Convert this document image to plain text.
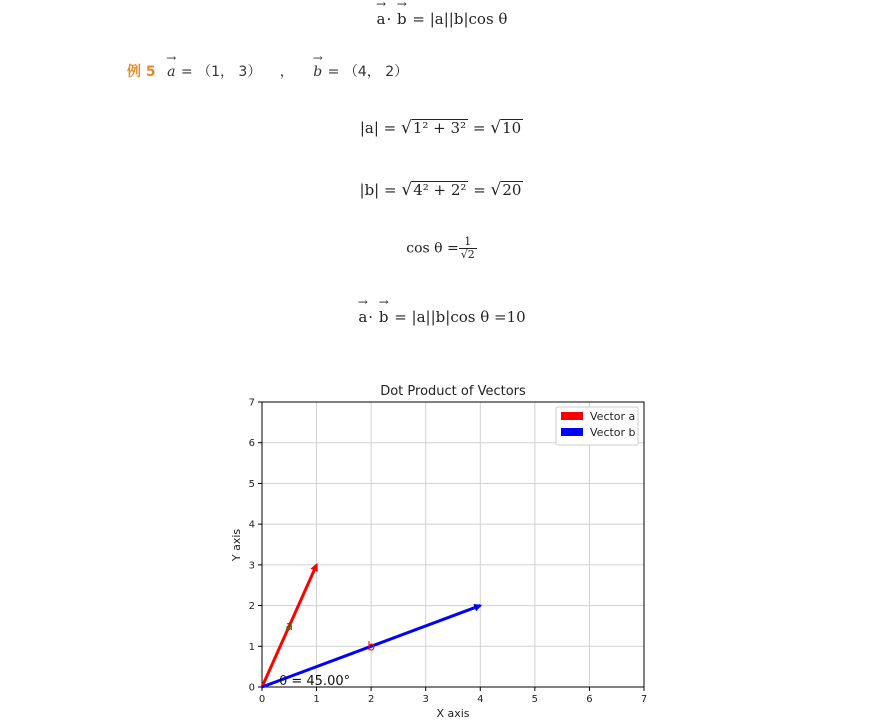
→ a· → b = |a||b|cos θ
例 5 → a = （1， 3） ， → b = （4， 2）
|a| = √1² + 3² = √10
|b| = √4² + 2² = √20
$\cos \theta = \frac{1}{√2}$
→ a· → b = |a||b|cos θ =10
Dot Product of Vectors
0	1	2	3	4	5	6	7
0
1
2
3
4
5
6
7
a
b
θ = 45.00°
X axis
Y axis
Vector a
Vector b
